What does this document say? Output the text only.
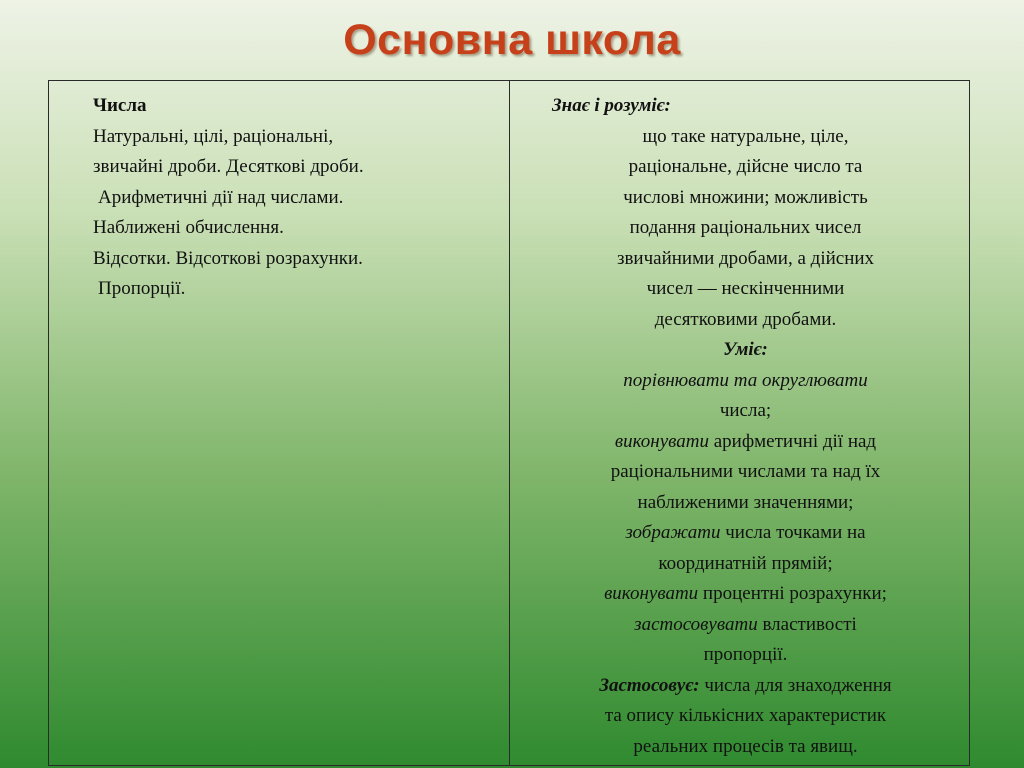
Основна школа
Числа
Натуральні, цілі, раціональні,
звичайні дроби. Десяткові дроби.
Арифметичні дії над числами.
Наближені обчислення.
Відсотки. Відсоткові розрахунки.
Пропорції.
Знає і розуміє:
що таке натуральне, ціле,
раціональне, дійсне число та
числові множини; можливість
подання раціональних чисел
звичайними дробами, а дійсних
чисел — нескінченними
десятковими дробами.
Уміє:
порівнювати та округлювати
числа;
виконувати арифметичні дії над
раціональними числами та над їх
наближеними значеннями;
зображати числа точками на
координатній прямій;
виконувати процентні розрахунки;
застосовувати властивості
пропорції.
Застосовує: числа для знаходження
та опису кількісних характеристик
реальних процесів та явищ.
